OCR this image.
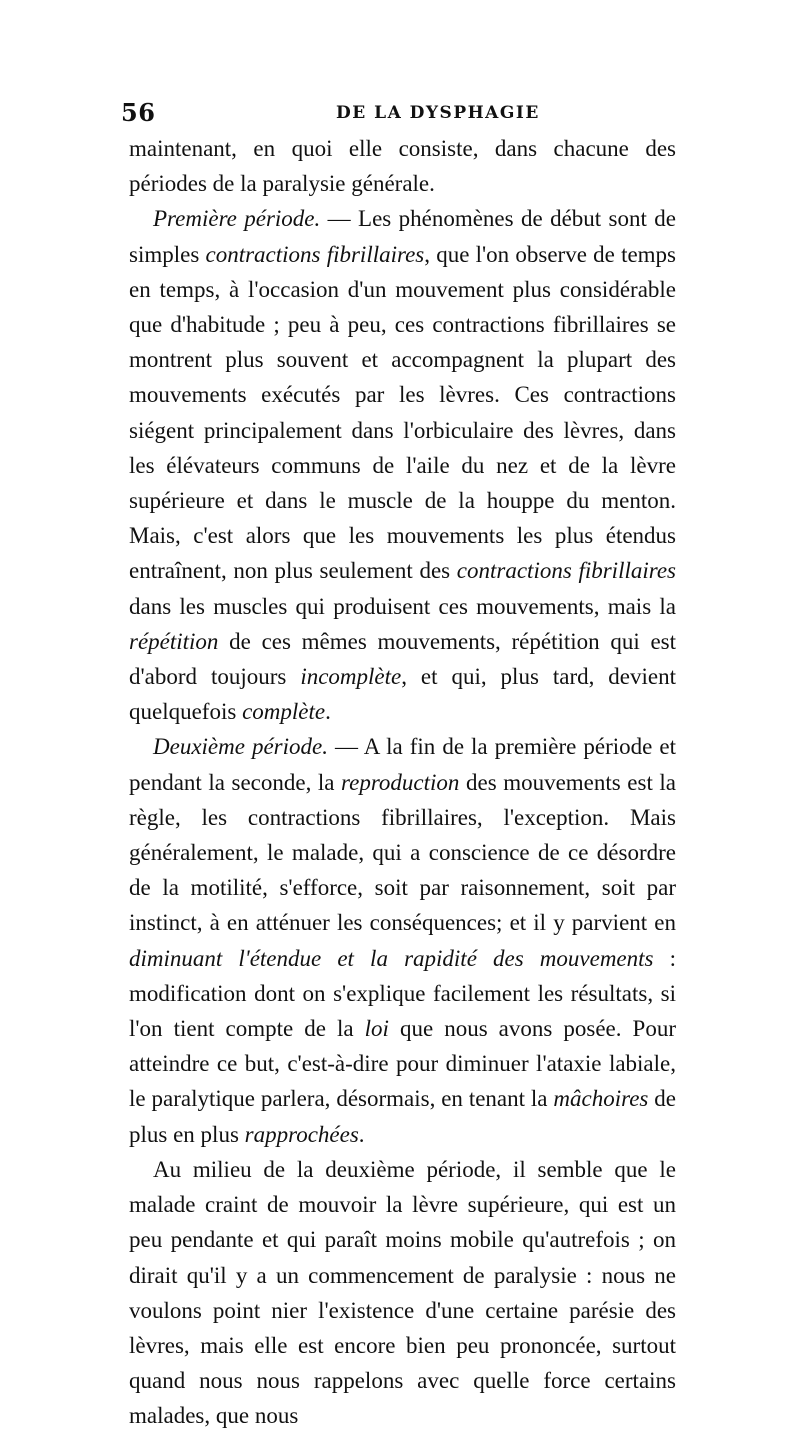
56	DE LA DYSPHAGIE

maintenant, en quoi elle consiste, dans chacune des périodes de la paralysie générale.

Première période. — Les phénomènes de début sont de simples contractions fibrillaires, que l'on observe de temps en temps, à l'occasion d'un mouvement plus considérable que d'habitude ; peu à peu, ces contractions fibrillaires se montrent plus souvent et accompagnent la plupart des mouvements exécutés par les lèvres. Ces contractions siégent principalement dans l'orbiculaire des lèvres, dans les élévateurs communs de l'aile du nez et de la lèvre supérieure et dans le muscle de la houppe du menton. Mais, c'est alors que les mouvements les plus étendus entraînent, non plus seulement des contractions fibrillaires dans les muscles qui produisent ces mouvements, mais la répétition de ces mêmes mouvements, répétition qui est d'abord toujours incomplète, et qui, plus tard, devient quelquefois complète.

Deuxième période. — A la fin de la première période et pendant la seconde, la reproduction des mouvements est la règle, les contractions fibrillaires, l'exception. Mais généralement, le malade, qui a conscience de ce désordre de la motilité, s'efforce, soit par raisonnement, soit par instinct, à en atténuer les conséquences; et il y parvient en diminuant l'étendue et la rapidité des mouvements : modification dont on s'explique facilement les résultats, si l'on tient compte de la loi que nous avons posée. Pour atteindre ce but, c'est-à-dire pour diminuer l'ataxie labiale, le paralytique parlera, désormais, en tenant la mâchoires de plus en plus rapprochées.

Au milieu de la deuxième période, il semble que le malade craint de mouvoir la lèvre supérieure, qui est un peu pendante et qui paraît moins mobile qu'autrefois ; on dirait qu'il y a un commencement de paralysie : nous ne voulons point nier l'existence d'une certaine parésie des lèvres, mais elle est encore bien peu prononcée, surtout quand nous nous rappelons avec quelle force certains malades, que nous
